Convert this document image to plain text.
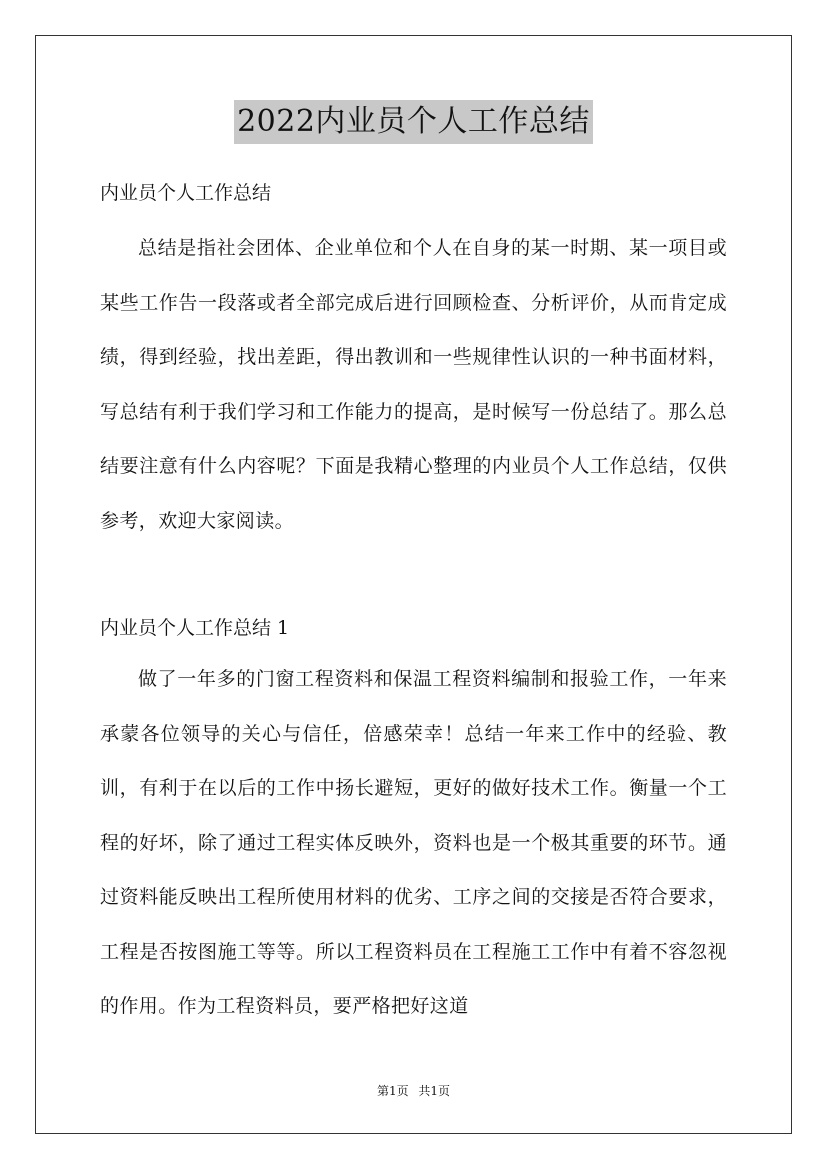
2022内业员个人工作总结
内业员个人工作总结

总结是指社会团体、企业单位和个人在自身的某一时期、某一项目或某些工作告一段落或者全部完成后进行回顾检查、分析评价，从而肯定成绩，得到经验，找出差距，得出教训和一些规律性认识的一种书面材料，写总结有利于我们学习和工作能力的提高，是时候写一份总结了。那么总结要注意有什么内容呢？下面是我精心整理的内业员个人工作总结，仅供参考，欢迎大家阅读。

内业员个人工作总结 1

做了一年多的门窗工程资料和保温工程资料编制和报验工作，一年来承蒙各位领导的关心与信任，倍感荣幸！总结一年来工作中的经验、教训，有利于在以后的工作中扬长避短，更好的做好技术工作。衡量一个工程的好坏，除了通过工程实体反映外，资料也是一个极其重要的环节。通过资料能反映出工程所使用材料的优劣、工序之间的交接是否符合要求，工程是否按图施工等等。所以工程资料员在工程施工工作中有着不容忽视的作用。作为工程资料员，要严格把好这道

第1页 共1页
